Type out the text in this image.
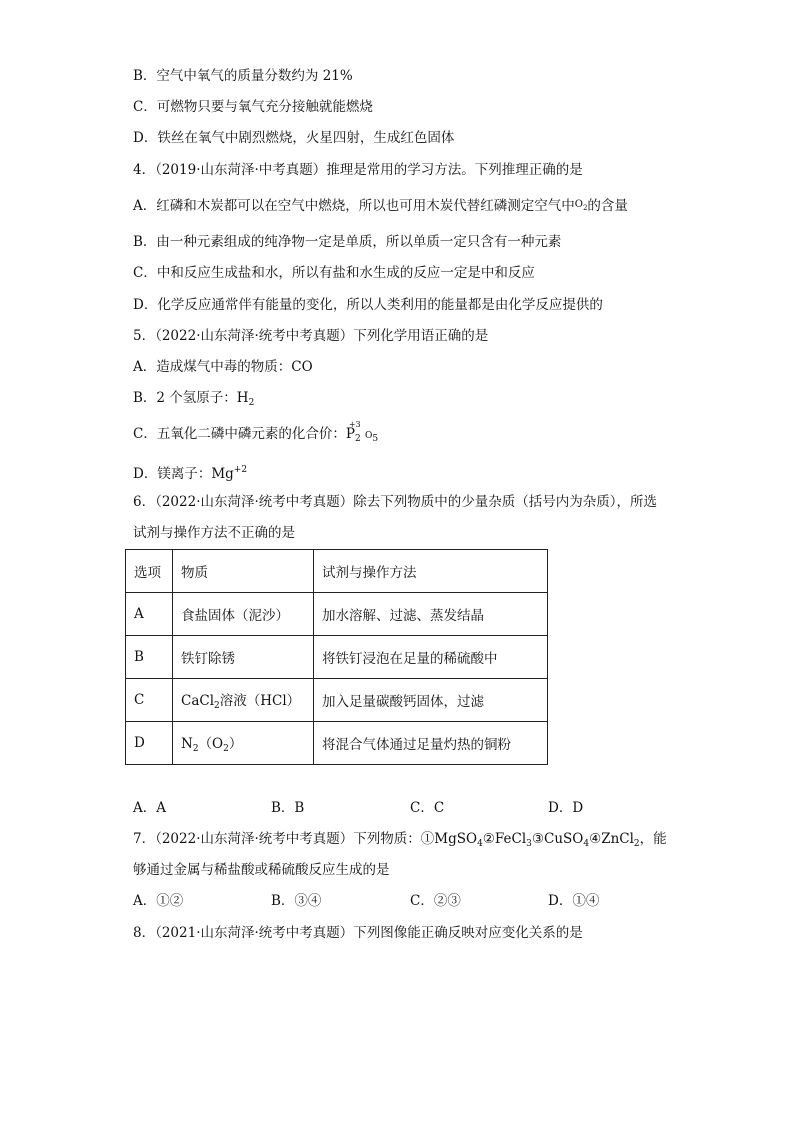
B．空气中氧气的质量分数约为 21%
C．可燃物只要与氧气充分接触就能燃烧
D．铁丝在氧气中剧烈燃烧，火星四射，生成红色固体
4．（2019·山东菏泽·中考真题）推理是常用的学习方法。下列推理正确的是
A．红磷和木炭都可以在空气中燃烧，所以也可用木炭代替红磷测定空气中$^{O_2}$的含量
B．由一种元素组成的纯净物一定是单质，所以单质一定只含有一种元素
C．中和反应生成盐和水，所以有盐和水生成的反应一定是中和反应
D．化学反应通常伴有能量的变化，所以人类利用的能量都是由化学反应提供的
5．（2022·山东菏泽·统考中考真题）下列化学用语正确的是
A．造成煤气中毒的物质：CO
B．2 个氢原子：$H_2$
C．五氧化二磷中磷元素的化合价：
+3
$P_2$ $O_5$
D．镁离子：$Mg^{+2}$
6．（2022·山东菏泽·统考中考真题）除去下列物质中的少量杂质（括号内为杂质），所选
试剂与操作方法不正确的是
选项	物质	试剂与操作方法
A	食盐固体（泥沙）	加水溶解、过滤、蒸发结晶
B	铁钉除锈	将铁钉浸泡在足量的稀硫酸中
C	CaCl$_2$溶液（HCl）	加入足量碳酸钙固体，过滤
D	$N_2(O_2)$	将混合气体通过足量灼热的铜粉
A．A	B．B	C．C	D．D
7．（2022·山东菏泽·统考中考真题）下列物质：①MgSO$_4$②FeCl$_3$③CuSO$_4$④ZnCl$_2$，能
够通过金属与稀盐酸或稀硫酸反应生成的是
A．①②	B．③④	C．②③	D．①④
8．（2021·山东菏泽·统考中考真题）下列图像能正确反映对应变化关系的是
